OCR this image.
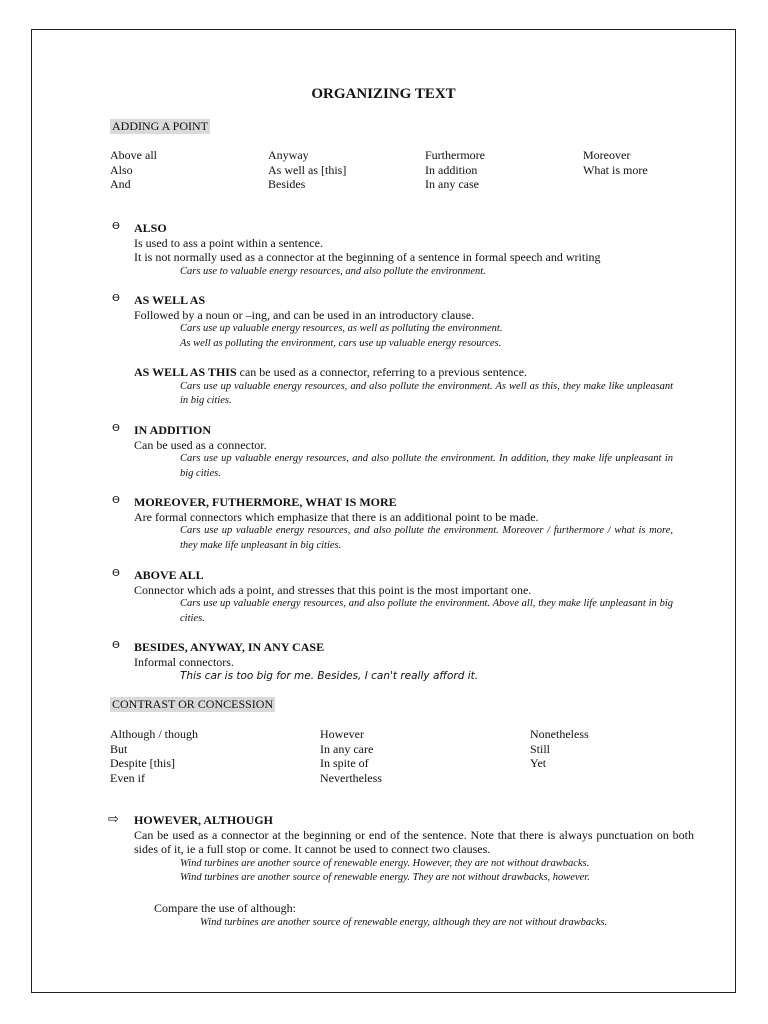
ORGANIZING TEXT
ADDING A POINT
Above all
Also
And
Anyway
As well as [this]
Besides
Furthermore
In addition
In any case
Moreover
What is more
ϴ ALSO
Is used to ass a point within a sentence.
It is not normally used as a connector at the beginning of a sentence in formal speech and writing
Cars use to valuable energy resources, and also pollute the environment.
ϴ AS WELL AS
Followed by a noun or –ing, and can be used in an introductory clause.
Cars use up valuable energy resources, as well as polluting the environment.
As well as polluting the environment, cars use up valuable energy resources.
AS WELL AS THIS can be used as a connector, referring to a previous sentence.
Cars use up valuable energy resources, and also pollute the environment. As well as this, they make like unpleasant in big cities.
ϴ IN ADDITION
Can be used as a connector.
Cars use up valuable energy resources, and also pollute the environment. In addition, they make life unpleasant in big cities.
ϴ MOREOVER, FUTHERMORE, WHAT IS MORE
Are formal connectors which emphasize that there is an additional point to be made.
Cars use up valuable energy resources, and also pollute the environment. Moreover / furthermore / what is more, they make life unpleasant in big cities.
ϴ ABOVE ALL
Connector which ads a point, and stresses that this point is the most important one.
Cars use up valuable energy resources, and also pollute the environment. Above all, they make life unpleasant in big cities.
ϴ BESIDES, ANYWAY, IN ANY CASE
Informal connectors.
This car is too big for me. Besides, I can't really afford it.
CONTRAST OR CONCESSION
Although / though
But
Despite [this]
Even if
However
In any care
In spite of
Nevertheless
Nonetheless
Still
Yet
⇨ HOWEVER, ALTHOUGH
Can be used as a connector at the beginning or end of the sentence. Note that there is always punctuation on both sides of it, ie a full stop or come. It cannot be used to connect two clauses.
Wind turbines are another source of renewable energy. However, they are not without drawbacks.
Wind turbines are another source of renewable energy. They are not without drawbacks, however.
Compare the use of although:
Wind turbines are another source of renewable energy, although they are not without drawbacks.
